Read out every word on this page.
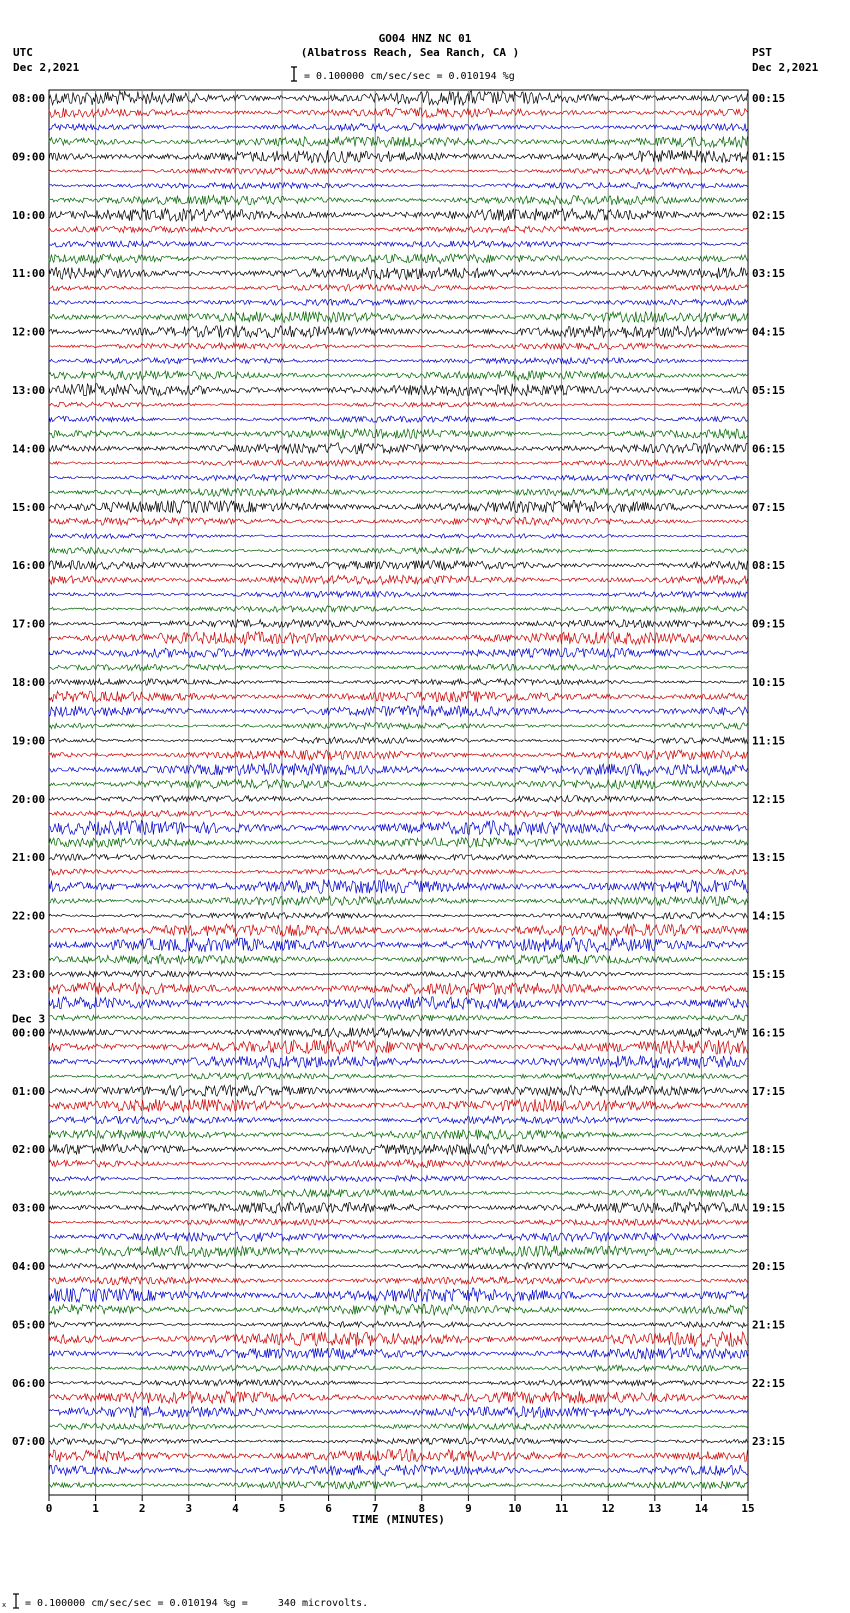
GO04 HNZ NC 01
(Albatross Reach, Sea Ranch, CA )
UTC
Dec 2,2021
PST
Dec 2,2021
= 0.100000 cm/sec/sec = 0.010194 %g
08:00	00:15
09:00	01:15
10:00	02:15
11:00	03:15
12:00	04:15
13:00	05:15
14:00	06:15
15:00	07:15
16:00	08:15
17:00	09:15
18:00	10:15
19:00	11:15
20:00	12:15
21:00	13:15
22:00	14:15
23:00	15:15
00:00	16:15
01:00	17:15
02:00	18:15
03:00	19:15
04:00	20:15
05:00	21:15
06:00	22:15
07:00	23:15
Dec 3
0	1	2	3	4	5	6	7	8	9	10	11	12	13	14	15
TIME (MINUTES)
x = 0.100000 cm/sec/sec = 0.010194 %g =     340 microvolts.
